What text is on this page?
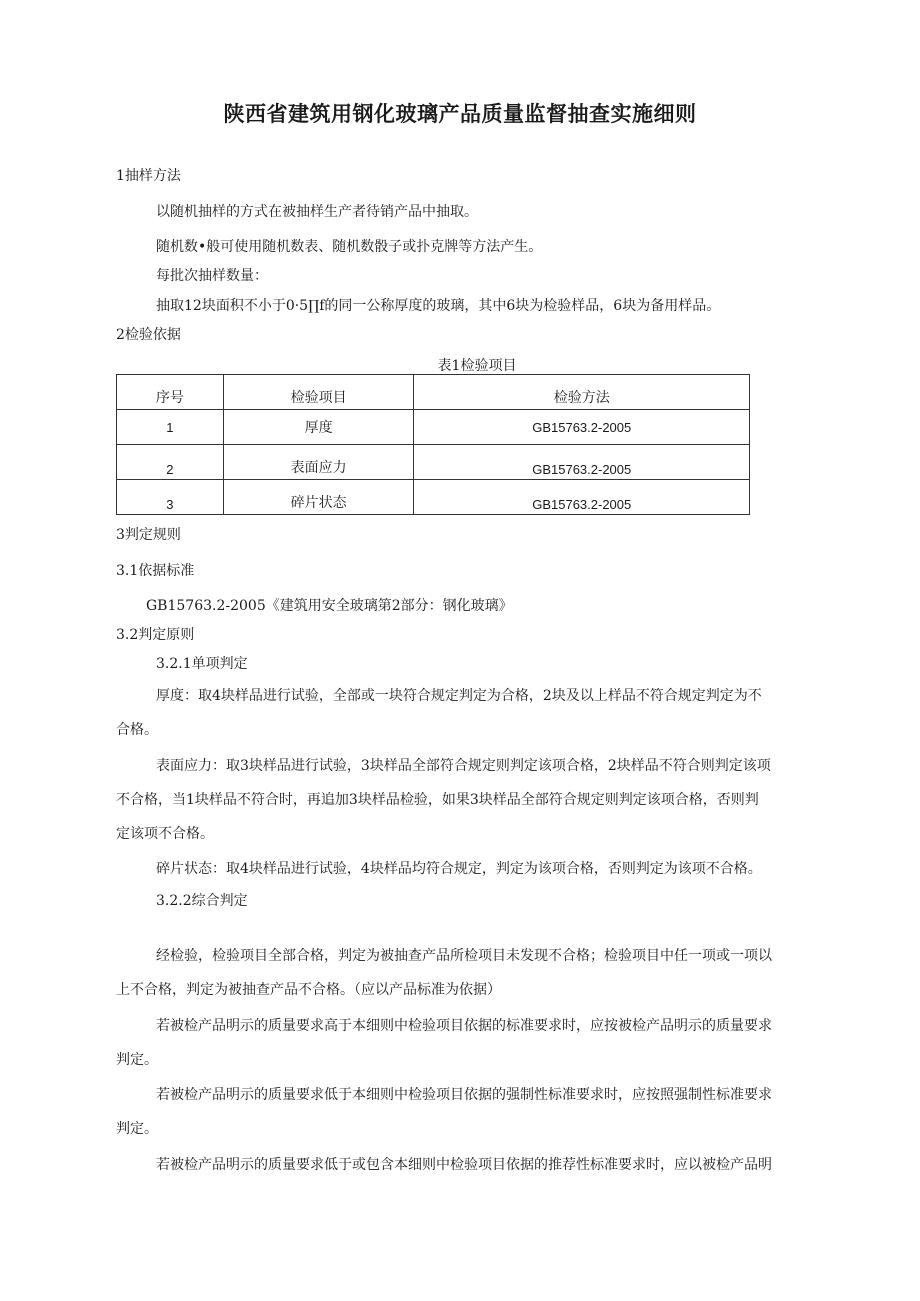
陕西省建筑用钢化玻璃产品质量监督抽查实施细则
1抽样方法
以随机抽样的方式在被抽样生产者待销产品中抽取。
随机数•般可使用随机数表、随机数骰子或扑克牌等方法产生。
每批次抽样数量：
抽取12块面积不小于0·5∏f的同一公称厚度的玻璃，其中6块为检验样品，6块为备用样品。
2检验依据
表1检验项目
序号	检验项目	检验方法
1	厚度	GB15763.2-2005
2	表面应力	GB15763.2-2005
3	碎片状态	GB15763.2-2005
3判定规则
3.1依据标准
GB15763.2-2005《建筑用安全玻璃第2部分：钢化玻璃》
3.2判定原则
3.2.1单项判定
厚度：取4块样品进行试验，全部或一块符合规定判定为合格，2块及以上样品不符合规定判定为不
合格。
表面应力：取3块样品进行试验，3块样品全部符合规定则判定该项合格，2块样品不符合则判定该项
不合格，当1块样品不符合时，再追加3块样品检验，如果3块样品全部符合规定则判定该项合格，否则判
定该项不合格。
碎片状态：取4块样品进行试验，4块样品均符合规定，判定为该项合格，否则判定为该项不合格。
3.2.2综合判定
经检验，检验项目全部合格，判定为被抽查产品所检项目未发现不合格；检验项目中任一项或一项以
上不合格，判定为被抽查产品不合格。（应以产品标准为依据）
若被检产品明示的质量要求高于本细则中检验项目依据的标准要求时，应按被检产品明示的质量要求
判定。
若被检产品明示的质量要求低于本细则中检验项目依据的强制性标准要求时，应按照强制性标准要求
判定。
若被检产品明示的质量要求低于或包含本细则中检验项目依据的推荐性标准要求时，应以被检产品明
